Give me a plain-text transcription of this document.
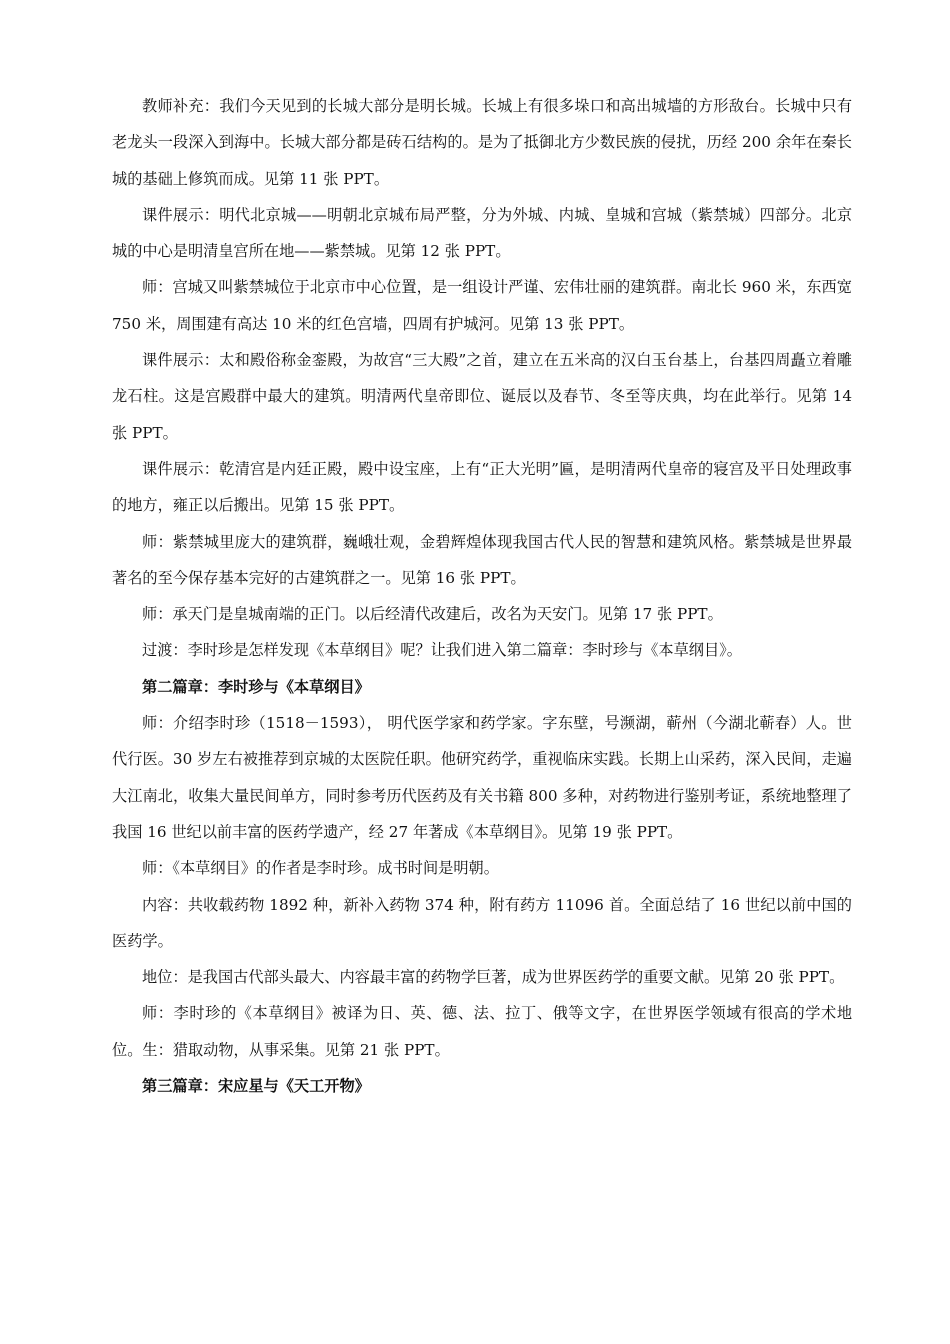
教师补充：我们今天见到的长城大部分是明长城。长城上有很多垛口和高出城墙的方形敌台。长城中只有老龙头一段深入到海中。长城大部分都是砖石结构的。是为了抵御北方少数民族的侵扰，历经 200 余年在秦长城的基础上修筑而成。见第 11 张 PPT。

课件展示：明代北京城——明朝北京城布局严整，分为外城、内城、皇城和宫城（紫禁城）四部分。北京城的中心是明清皇宫所在地——紫禁城。见第 12 张 PPT。

师：宫城又叫紫禁城位于北京市中心位置，是一组设计严谨、宏伟壮丽的建筑群。南北长 960 米，东西宽 750 米，周围建有高达 10 米的红色宫墙，四周有护城河。见第 13 张 PPT。

课件展示：太和殿俗称金銮殿，为故宫“三大殿”之首，建立在五米高的汉白玉台基上，台基四周矗立着雕龙石柱。这是宫殿群中最大的建筑。明清两代皇帝即位、诞辰以及春节、冬至等庆典，均在此举行。见第 14 张 PPT。

课件展示：乾清宫是内廷正殿，殿中设宝座，上有“正大光明”匾，是明清两代皇帝的寝宫及平日处理政事的地方，雍正以后搬出。见第 15 张 PPT。

师：紫禁城里庞大的建筑群，巍峨壮观，金碧辉煌体现我国古代人民的智慧和建筑风格。紫禁城是世界最著名的至今保存基本完好的古建筑群之一。见第 16 张 PPT。

师：承天门是皇城南端的正门。以后经清代改建后，改名为天安门。见第 17 张 PPT。

过渡：李时珍是怎样发现《本草纲目》呢？让我们进入第二篇章：李时珍与《本草纲目》。

第二篇章：李时珍与《本草纲目》

师：介绍李时珍（1518－1593）， 明代医学家和药学家。字东壁，号濒湖，蕲州（今湖北蕲春）人。世代行医。30 岁左右被推荐到京城的太医院任职。他研究药学，重视临床实践。长期上山采药，深入民间，走遍大江南北，收集大量民间单方，同时参考历代医药及有关书籍 800 多种，对药物进行鉴别考证，系统地整理了我国 16 世纪以前丰富的医药学遗产，经 27 年著成《本草纲目》。见第 19 张 PPT。

师：《本草纲目》的作者是李时珍。成书时间是明朝。

内容：共收载药物 1892 种，新补入药物 374 种，附有药方 11096 首。全面总结了 16 世纪以前中国的医药学。

地位：是我国古代部头最大、内容最丰富的药物学巨著，成为世界医药学的重要文献。见第 20 张 PPT。

师：李时珍的《本草纲目》被译为日、英、德、法、拉丁、俄等文字，在世界医学领域有很高的学术地位。生：猎取动物，从事采集。见第 21 张 PPT。

第三篇章：宋应星与《天工开物》
